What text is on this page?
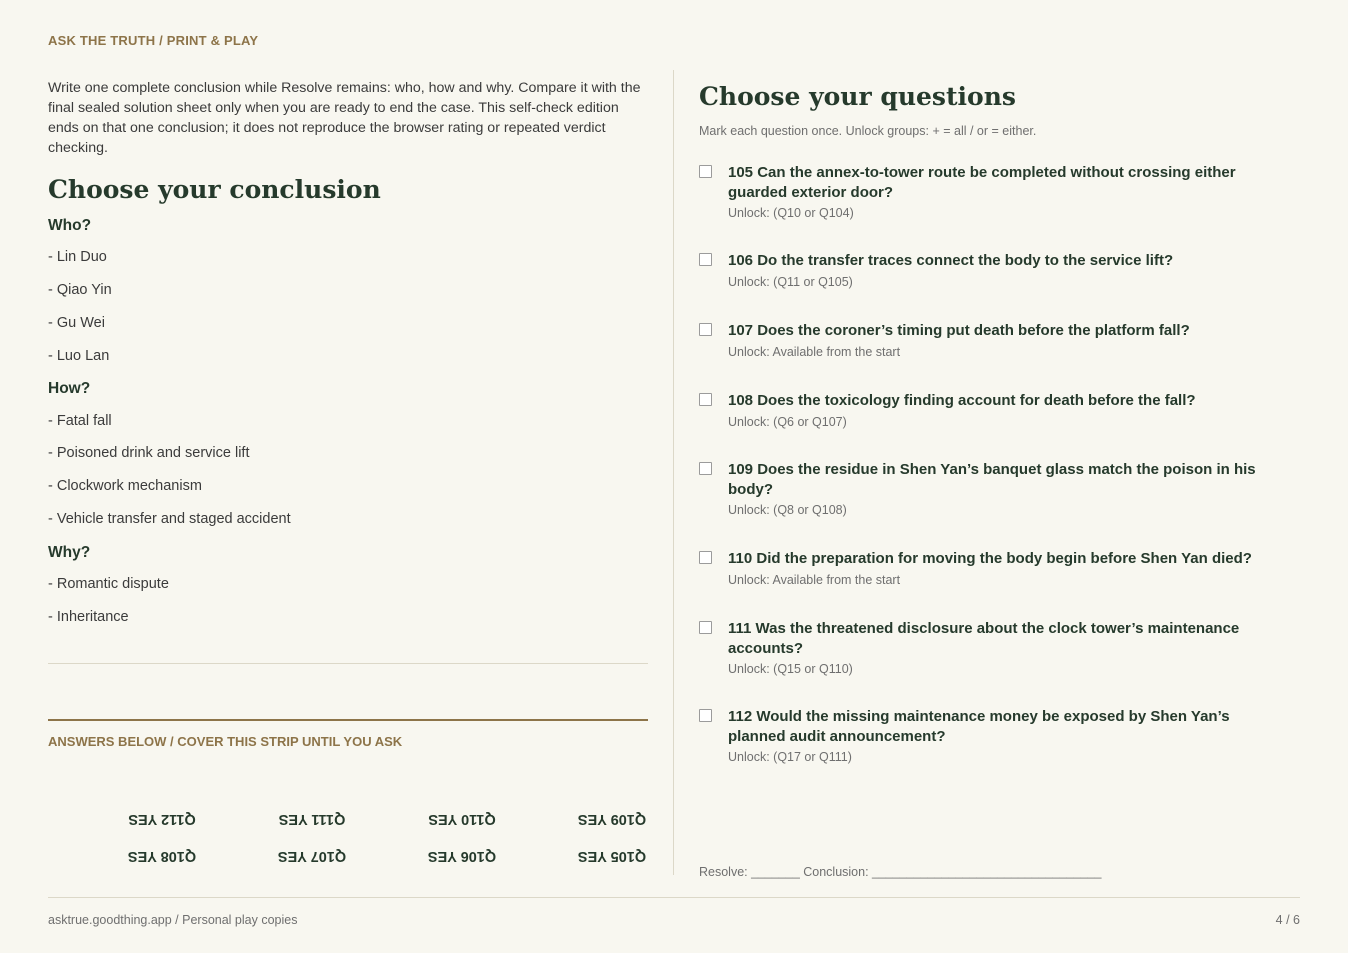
ASK THE TRUTH / PRINT & PLAY

Write one complete conclusion while Resolve remains: who, how and why. Compare it with the final sealed solution sheet only when you are ready to end the case. This self-check edition ends on that one conclusion; it does not reproduce the browser rating or repeated verdict checking.

Choose your conclusion
Who?
- Lin Duo
- Qiao Yin
- Gu Wei
- Luo Lan
How?
- Fatal fall
- Poisoned drink and service lift
- Clockwork mechanism
- Vehicle transfer and staged accident
Why?
- Romantic dispute
- Inheritance
ANSWERS BELOW / COVER THIS STRIP UNTIL YOU ASK
Q112 YES	Q111 YES	Q110 YES	Q109 YES
Q108 YES	Q107 YES	Q106 YES	Q105 YES
Choose your questions
Mark each question once. Unlock groups: + = all / or = either.
105 Can the annex-to-tower route be completed without crossing either guarded exterior door?
Unlock: (Q10 or Q104)
106 Do the transfer traces connect the body to the service lift?
Unlock: (Q11 or Q105)
107 Does the coroner’s timing put death before the platform fall?
Unlock: Available from the start
108 Does the toxicology finding account for death before the fall?
Unlock: (Q6 or Q107)
109 Does the residue in Shen Yan’s banquet glass match the poison in his body?
Unlock: (Q8 or Q108)
110 Did the preparation for moving the body begin before Shen Yan died?
Unlock: Available from the start
111 Was the threatened disclosure about the clock tower’s maintenance accounts?
Unlock: (Q15 or Q110)
112 Would the missing maintenance money be exposed by Shen Yan’s planned audit announcement?
Unlock: (Q17 or Q111)
Resolve: _______ Conclusion: _________________________________
asktrue.goodthing.app / Personal play copies	4 / 6
